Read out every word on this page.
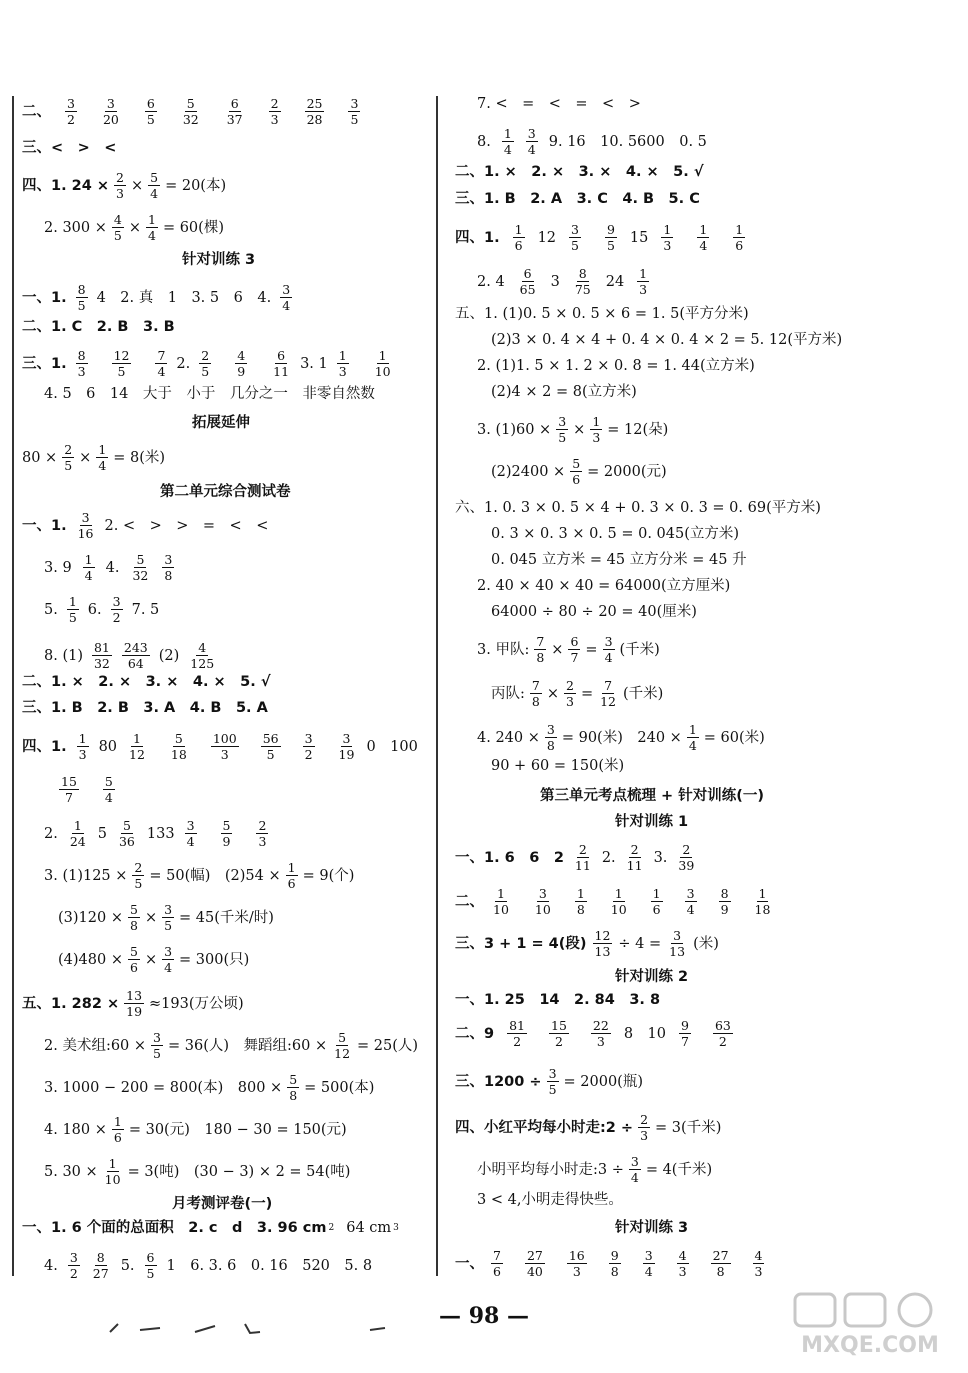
二、 $\frac{3}{2} \frac{3}{20} \frac{6}{5} \frac{5}{32} \frac{6}{37} \frac{2}{3} \frac{25}{28} \frac{3}{5}$
三、<　>　<
四、1. $24 \times \frac{2}{3} \times \frac{5}{4} = 20$(本)
2. $300 \times \frac{4}{5} \times \frac{1}{4} = 60$(棵)
针对训练 3
一、1. $\frac{8}{5} 4$　2. 真　1　3. 5　6　4. $\frac{3}{4}$
二、1. C　2. B　3. B
三、1. $\frac{8}{3} \frac{12}{5} \frac{7}{4} 2$. $\frac{2}{5} \frac{4}{9} \frac{6}{11} 3$. $1 \frac{1}{3} \frac{1}{10}$
4. 5　6　14　大于　小于　几分之一　非零自然数
拓展延伸
$80 \times \frac{2}{5} \times \frac{1}{4} = 8$(米)
第二单元综合测试卷
一、1. $\frac{3}{16} 2$. <　>　>　=　<　<
3. $9 \frac{1}{4} 4$. $\frac{5}{32} \frac{3}{8}$
5. $\frac{1}{5} 6$. $\frac{3}{2} 7$. 5
8. $(1) \frac{81}{32} \frac{243}{64} (2) \frac{4}{125}$
二、1. ×　2. ×　3. ×　4. ×　5. √
三、1. B　2. B　3. A　4. B　5. A
四、1. $\frac{1}{3} 80 \frac{1}{12} \frac{5}{18} \frac{100}{3} \frac{56}{5} \frac{3}{2} \frac{3}{19} 0$　100
$\frac{15}{7} \frac{5}{4}$
2. $\frac{1}{24} 5 \frac{5}{36} 133 \frac{3}{4} \frac{5}{9} \frac{2}{3}$
3. $(1)125 \times \frac{2}{5} = 50$(幅)　$(2)54 \times \frac{1}{6} = 9$(个)
$(3)120 \times \frac{5}{8} \times \frac{3}{5} = 45$(千米/时)
$(4)480 \times \frac{5}{6} \times \frac{3}{4} = 300$(只)
五、1. $282 \times \frac{13}{19} \approx 193$(万公顷)
2. 美术组:60 × $\frac{3}{5} = 36$(人)　舞蹈组:60 × $\frac{5}{12} = 25$(人)
3. 1000 − 200 = 800(本)　$800 \times \frac{5}{8} = 500$(本)
4. $180 \times \frac{1}{6} = 30$(元)　180 − 30 = 150(元)
5. $30 \times \frac{1}{10} = 3$(吨)　(30 − 3) × 2 = 54(吨)
月考测评卷(一)
一、1. 6 个面的总面积　2. c　d　3. 96 cm 2 64 cm 3
4. $\frac{3}{2} \frac{8}{27} 5$. $\frac{6}{5} 1$　6. 3. 6　0. 16　520　5. 8
7. <　=　<　=　<　>
8. $\frac{1}{4} \frac{3}{4} 9$. 16　10. 5600　0. 5
二、1. ×　2. ×　3. ×　4. ×　5. √
三、1. B　2. A　3. C　4. B　5. C
四、1. $\frac{1}{6} 12 \frac{3}{5} \frac{9}{5} 15 \frac{1}{3} \frac{1}{4} \frac{1}{6}$
2. $4 \frac{6}{65} 3 \frac{8}{75} 24 \frac{1}{3}$
五、1. (1)0. 5 × 0. 5 × 6 = 1. 5(平方分米)
(2)3 × 0. 4 × 4 + 0. 4 × 0. 4 × 2 = 5. 12(平方米)
2. (1)1. 5 × 1. 2 × 0. 8 = 1. 44(立方米)
(2)4 × 2 = 8(立方米)
3. $(1)60 \times \frac{3}{5} \times \frac{1}{3} = 12$(朵)
$(2)2400 \times \frac{5}{6} = 2000$(元)
六、1. 0. 3 × 0. 5 × 4 + 0. 3 × 0. 3 = 0. 69(平方米)
0. 3 × 0. 3 × 0. 5 = 0. 045(立方米)
0. 045 立方米 = 45 立方分米 = 45 升
2. 40 × 40 × 40 = 64000(立方厘米)
64000 ÷ 80 ÷ 20 = 40(厘米)
3. 甲队: $\frac{7}{8} \times \frac{6}{7} = \frac{3}{4}$ (千米)
丙队: $\frac{7}{8} \times \frac{2}{3} = \frac{7}{12}$ (千米)
4. $240 \times \frac{3}{8} = 90$(米)　$240 \times \frac{1}{4} = 60$(米)
90 + 60 = 150(米)
第三单元考点梳理 + 针对训练(一)
针对训练 1
一、1. 6　6　$2 \frac{2}{11} 2$. $\frac{2}{11} 3$. $\frac{2}{39}$
二、 $\frac{1}{10} \frac{3}{10} \frac{1}{8} \frac{1}{10} \frac{1}{6} \frac{3}{4} \frac{8}{9} \frac{1}{18}$
三、3 + 1 = 4(段) $\frac{12}{13} \div 4 = \frac{3}{13}$ (米)
针对训练 2
一、1. 25　14　2. 84　3. 8
二、$9 \frac{81}{2} \frac{15}{2} \frac{22}{3} 8$　$10 \frac{9}{7} \frac{63}{2}$
三、$1200 \div \frac{3}{5} = 2000$(瓶)
四、小红平均每小时走:2 ÷ $\frac{2}{3} = 3$(千米)
小明平均每小时走:3 ÷ $\frac{3}{4} = 4$(千米)
3 < 4,小明走得快些。
针对训练 3
一、 $\frac{7}{6} \frac{27}{40} \frac{16}{3} \frac{9}{8} \frac{3}{4} \frac{4}{3} \frac{27}{8} \frac{4}{3}$
— 98 —
MXQE.COM
